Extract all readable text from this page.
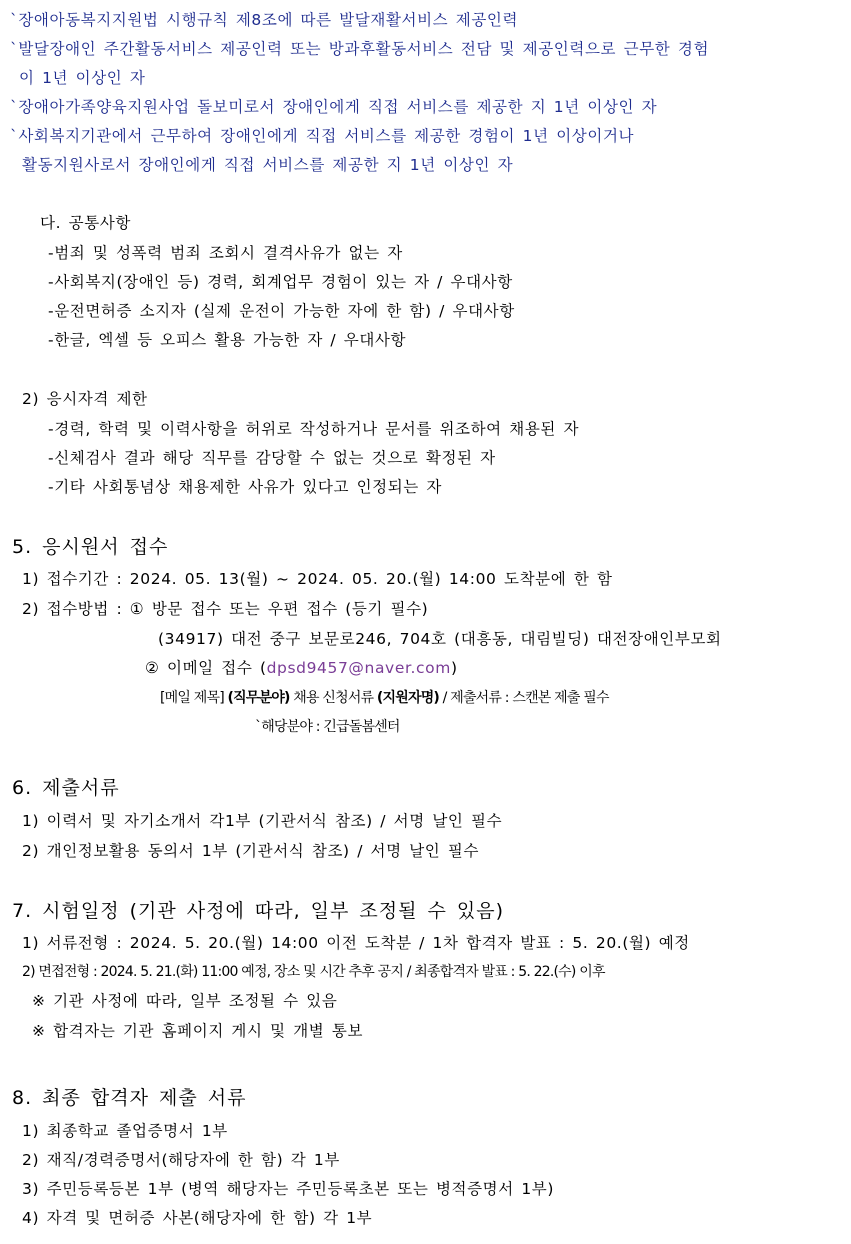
`장애아동복지지원법 시행규칙 제8조에 따른 발달재활서비스 제공인력
`발달장애인 주간활동서비스 제공인력 또는 방과후활동서비스 전담 및 제공인력으로 근무한 경험
이 1년 이상인 자
`장애아가족양육지원사업 돌보미로서 장애인에게 직접 서비스를 제공한 지 1년 이상인 자
`사회복지기관에서 근무하여 장애인에게 직접 서비스를 제공한 경험이 1년 이상이거나
활동지원사로서 장애인에게 직접 서비스를 제공한 지 1년 이상인 자
다. 공통사항
-범죄 및 성폭력 범죄 조회시 결격사유가 없는 자
-사회복지(장애인 등) 경력, 회계업무 경험이 있는 자 / 우대사항
-운전면허증 소지자 (실제 운전이 가능한 자에 한 함) / 우대사항
-한글, 엑셀 등 오피스 활용 가능한 자 / 우대사항
2) 응시자격 제한
-경력, 학력 및 이력사항을 허위로 작성하거나 문서를 위조하여 채용된 자
-신체검사 결과 해당 직무를 감당할 수 없는 것으로 확정된 자
-기타 사회통념상 채용제한 사유가 있다고 인정되는 자
5. 응시원서 접수
1) 접수기간 : 2024. 05. 13(월) ~ 2024. 05. 20.(월) 14:00 도착분에 한 함
2) 접수방법 : ① 방문 접수 또는 우편 접수 (등기 필수)
(34917) 대전 중구 보문로246, 704호 (대흥동, 대림빌딩) 대전장애인부모회
② 이메일 접수 (dpsd9457@naver.com)
[메일 제목] (직무분야) 채용 신청서류 (지원자명) / 제출서류 : 스캔본 제출 필수
`해당분야 : 긴급돌봄센터
6. 제출서류
1) 이력서 및 자기소개서 각1부 (기관서식 참조) / 서명 날인 필수
2) 개인정보활용 동의서 1부 (기관서식 참조) / 서명 날인 필수
7. 시험일정 (기관 사정에 따라, 일부 조정될 수 있음)
1) 서류전형 : 2024. 5. 20.(월) 14:00 이전 도착분 / 1차 합격자 발표 : 5. 20.(월) 예정
2) 면접전형 : 2024. 5. 21.(화) 11:00 예정, 장소 및 시간 추후 공지 / 최종합격자 발표 : 5. 22.(수) 이후
※ 기관 사정에 따라, 일부 조정될 수 있음
※ 합격자는 기관 홈페이지 게시 및 개별 통보
8. 최종 합격자 제출 서류
1) 최종학교 졸업증명서 1부
2) 재직/경력증명서(해당자에 한 함) 각 1부
3) 주민등록등본 1부 (병역 해당자는 주민등록초본 또는 병적증명서 1부)
4) 자격 및 면허증 사본(해당자에 한 함) 각 1부
